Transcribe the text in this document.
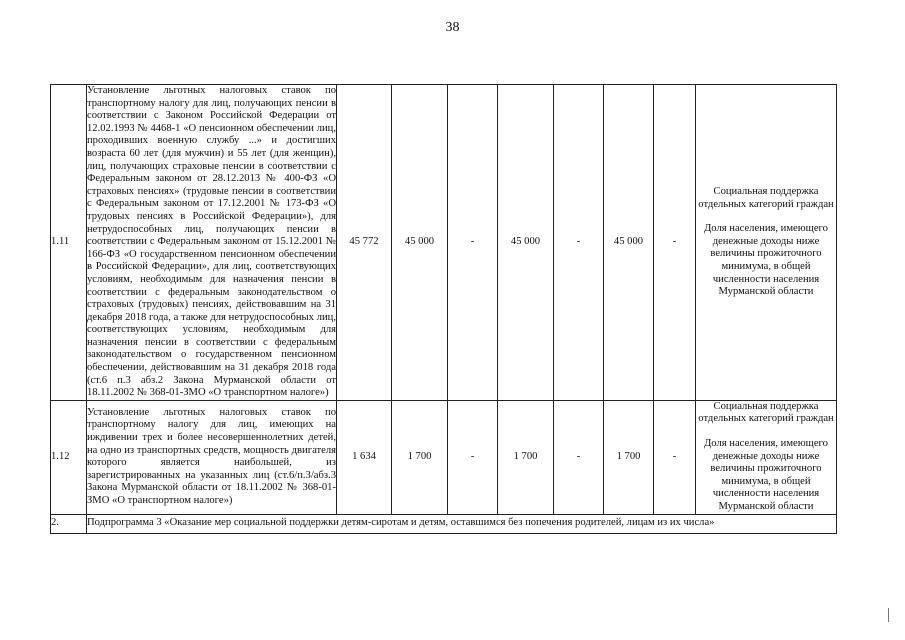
38
1.11	Установление льготных налоговых ставок по транспортному налогу для лиц, получающих пенсии в соответствии с Законом Российской Федерации от 12.02.1993 № 4468-1 «О пенсионном обеспечении лиц, проходивших военную службу ...» и достигших возраста 60 лет (для мужчин) и 55 лет (для женщин), лиц, получающих страховые пенсии в соответствии с Федеральным законом от 28.12.2013 № 400-ФЗ «О страховых пенсиях» (трудовые пенсии в соответствии с Федеральным законом от 17.12.2001 № 173-ФЗ «О трудовых пенсиях в Российской Федерации»), для нетрудоспособных лиц, получающих пенсии в соответствии с Федеральным законом от 15.12.2001 № 166-ФЗ «О государственном пенсионном обеспечении в Российской Федерации», для лиц, соответствующих условиям, необходимым для назначения пенсии в соответствии с федеральным законодательством о страховых (трудовых) пенсиях, действовавшим на 31 декабря 2018 года, а также для нетрудоспособных лиц, соответствующих условиям, необходимым для назначения пенсии в соответствии с федеральным законодательством о государственном пенсионном обеспечении, действовавшим на 31 декабря 2018 года (ст.6 п.3 абз.2 Закона Мурманской области от 18.11.2002 № 368-01-ЗМО «О транспортном налоге»)	45 772	45 000	-	45 000	-	45 000	-	Социальная поддержка отдельных категорий граждан
Доля населения, имеющего денежные доходы ниже величины прожиточного минимума, в общей численности населения Мурманской области

1.12	Установление льготных налоговых ставок по транспортному налогу для лиц, имеющих на иждивении трех и более несовершеннолетних детей, на одно из транспортных средств, мощность двигателя которого является наибольшей, из зарегистрированных на указанных лиц (ст.6/п.3/абз.3 Закона Мурманской области от 18.11.2002 № 368-01-ЗМО «О транспортном налоге»)	1 634	1 700	-	1 700	-	1 700	-	Социальная поддержка отдельных категорий граждан
Доля населения, имеющего денежные доходы ниже величины прожиточного минимума, в общей численности населения Мурманской области

2.	Подпрограмма 3 «Оказание мер социальной поддержки детям-сиротам и детям, оставшимся без попечения родителей, лицам из их числа»								
